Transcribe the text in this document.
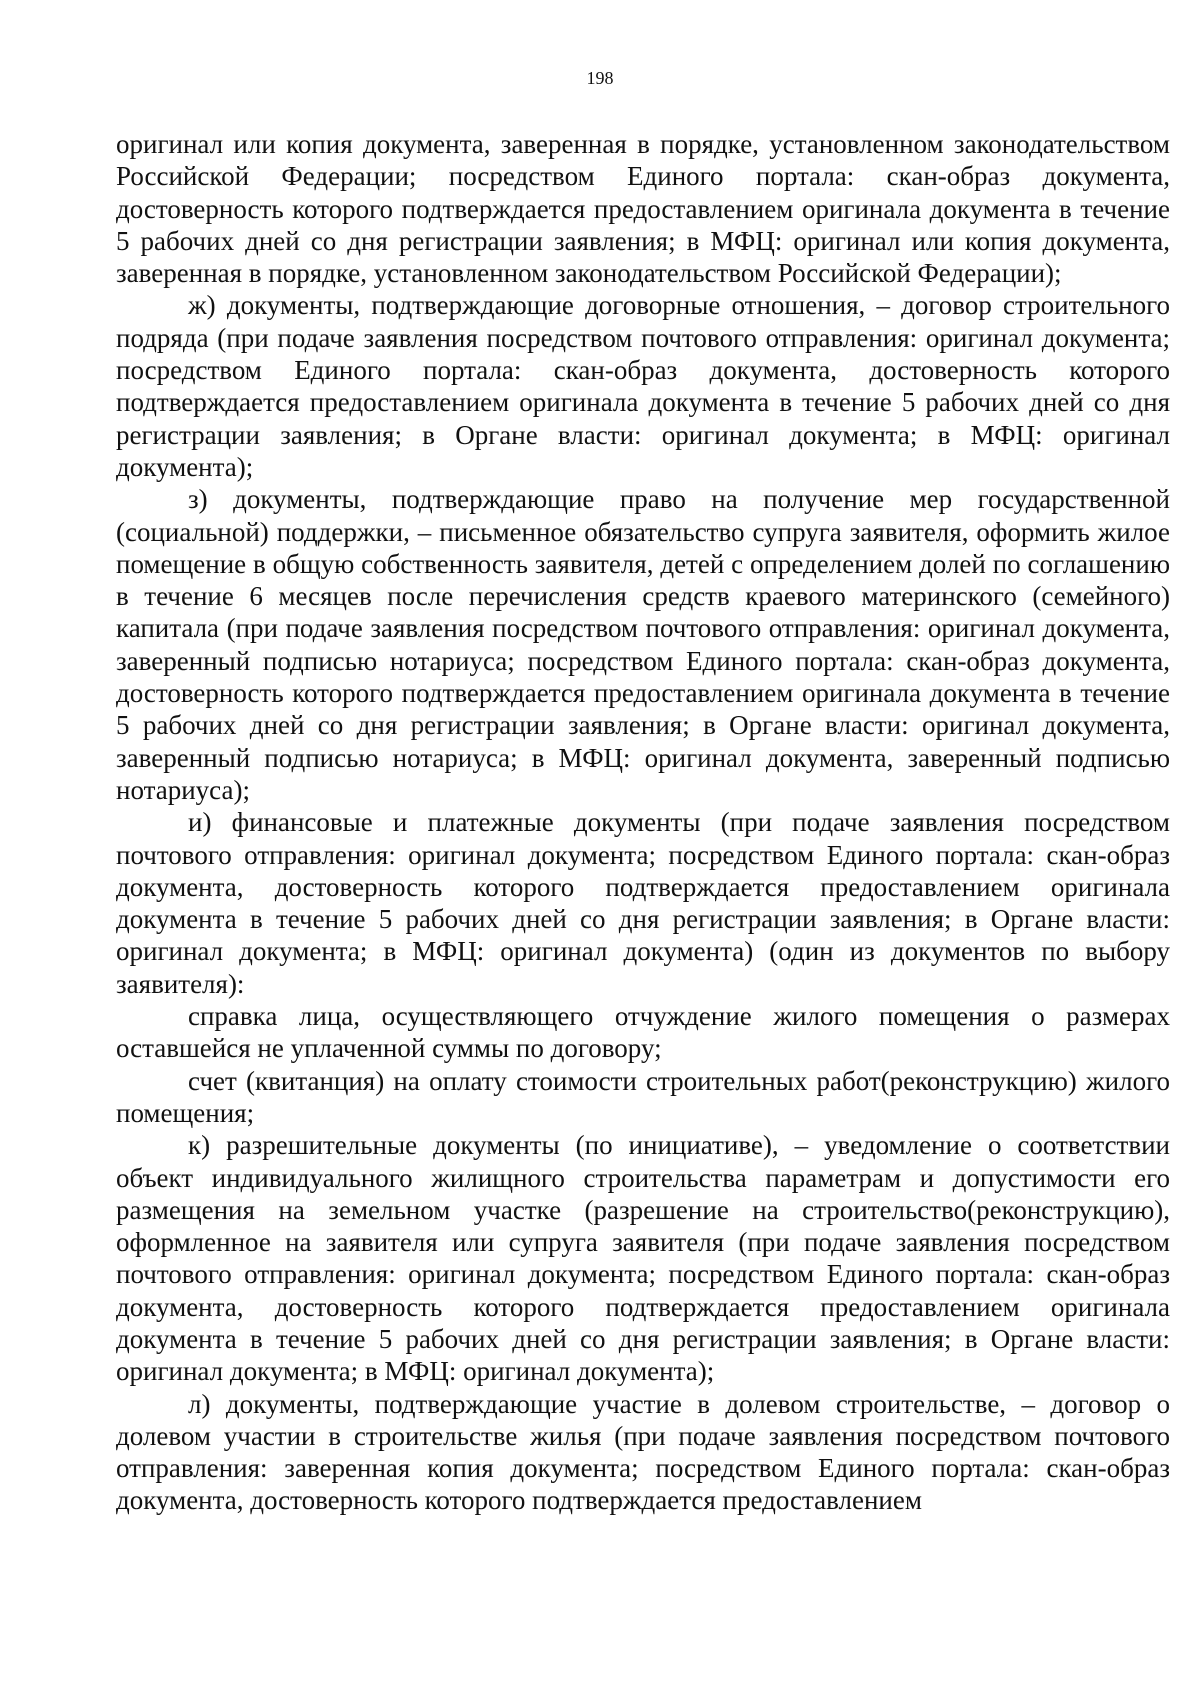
198

оригинал или копия документа, заверенная в порядке, установленном законодательством Российской Федерации; посредством Единого портала: скан-образ документа, достоверность которого подтверждается предоставлением оригинала документа в течение 5 рабочих дней со дня регистрации заявления; в МФЦ: оригинал или копия документа, заверенная в порядке, установленном законодательством Российской Федерации);

ж) документы, подтверждающие договорные отношения, – договор строительного подряда (при подаче заявления посредством почтового отправления: оригинал документа; посредством Единого портала: скан-образ документа, достоверность которого подтверждается предоставлением оригинала документа в течение 5 рабочих дней со дня регистрации заявления; в Органе власти: оригинал документа; в МФЦ: оригинал документа);

з) документы, подтверждающие право на получение мер государственной (социальной) поддержки, – письменное обязательство супруга заявителя, оформить жилое помещение в общую собственность заявителя, детей с определением долей по соглашению в течение 6 месяцев после перечисления средств краевого материнского (семейного) капитала (при подаче заявления посредством почтового отправления: оригинал документа, заверенный подписью нотариуса; посредством Единого портала: скан-образ документа, достоверность которого подтверждается предоставлением оригинала документа в течение 5 рабочих дней со дня регистрации заявления; в Органе власти: оригинал документа, заверенный подписью нотариуса; в МФЦ: оригинал документа, заверенный подписью нотариуса);

и) финансовые и платежные документы (при подаче заявления посредством почтового отправления: оригинал документа; посредством Единого портала: скан-образ документа, достоверность которого подтверждается предоставлением оригинала документа в течение 5 рабочих дней со дня регистрации заявления; в Органе власти: оригинал документа; в МФЦ: оригинал документа) (один из документов по выбору заявителя):

справка лица, осуществляющего отчуждение жилого помещения о размерах оставшейся не уплаченной суммы по договору;

счет (квитанция) на оплату стоимости строительных работ(реконструкцию) жилого помещения;

к) разрешительные документы (по инициативе), – уведомление о соответствии объект индивидуального жилищного строительства параметрам и допустимости его размещения на земельном участке (разрешение на строительство(реконструкцию), оформленное на заявителя или супруга заявителя (при подаче заявления посредством почтового отправления: оригинал документа; посредством Единого портала: скан-образ документа, достоверность которого подтверждается предоставлением оригинала документа в течение 5 рабочих дней со дня регистрации заявления; в Органе власти: оригинал документа; в МФЦ: оригинал документа);

л) документы, подтверждающие участие в долевом строительстве, – договор о долевом участии в строительстве жилья (при подаче заявления посредством почтового отправления: заверенная копия документа; посредством Единого портала: скан-образ документа, достоверность которого подтверждается предоставлением
